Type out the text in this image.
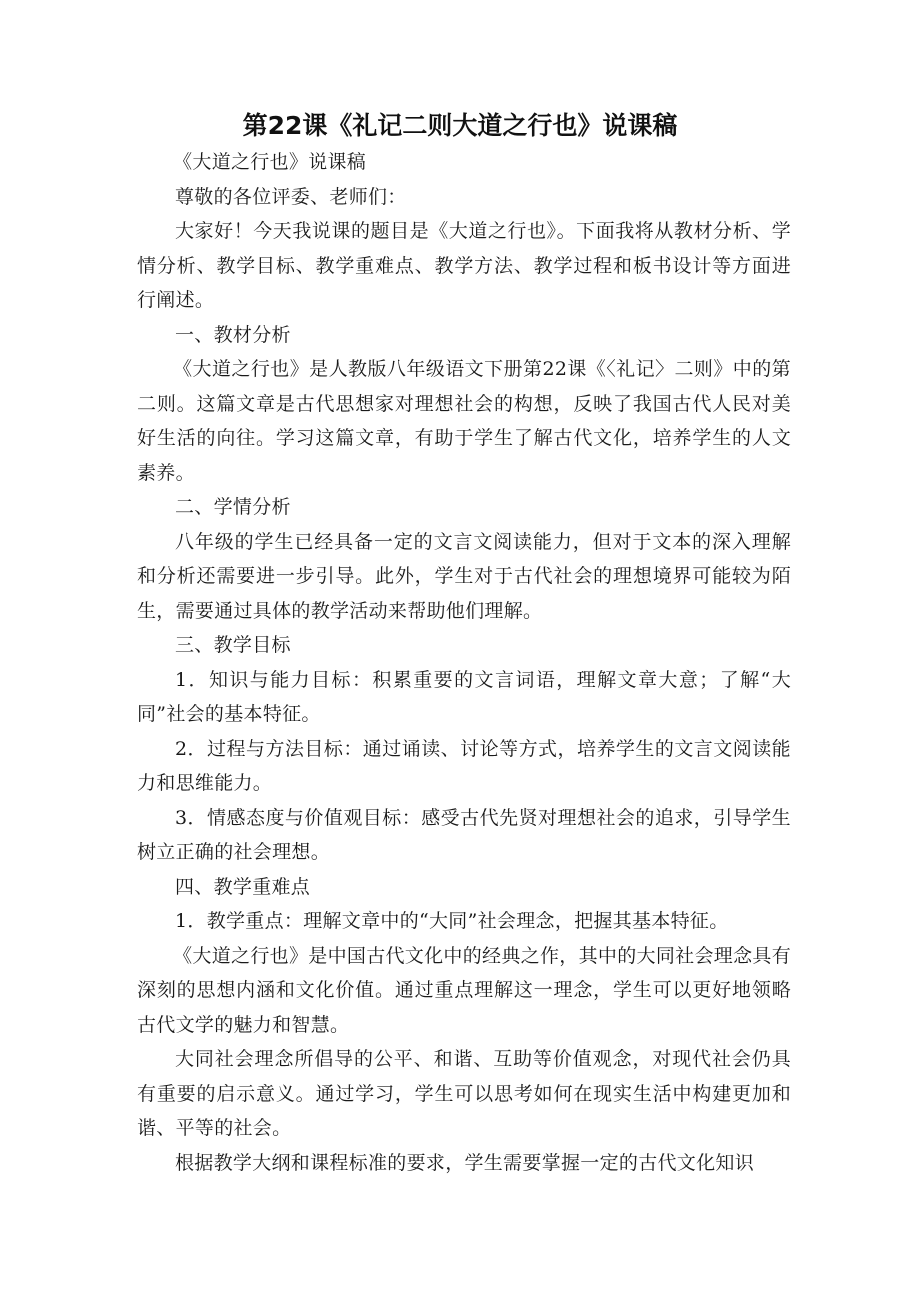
第22课《礼记二则大道之行也》说课稿

《大道之行也》说课稿

尊敬的各位评委、老师们：

大家好！今天我说课的题目是《大道之行也》。下面我将从教材分析、学情分析、教学目标、教学重难点、教学方法、教学过程和板书设计等方面进行阐述。

一、教材分析

《大道之行也》是人教版八年级语文下册第22课《〈礼记〉二则》中的第二则。这篇文章是古代思想家对理想社会的构想，反映了我国古代人民对美好生活的向往。学习这篇文章，有助于学生了解古代文化，培养学生的人文素养。

二、学情分析

八年级的学生已经具备一定的文言文阅读能力，但对于文本的深入理解和分析还需要进一步引导。此外，学生对于古代社会的理想境界可能较为陌生，需要通过具体的教学活动来帮助他们理解。

三、教学目标

1．知识与能力目标：积累重要的文言词语，理解文章大意；了解“大同”社会的基本特征。

2．过程与方法目标：通过诵读、讨论等方式，培养学生的文言文阅读能力和思维能力。

3．情感态度与价值观目标：感受古代先贤对理想社会的追求，引导学生树立正确的社会理想。

四、教学重难点

1．教学重点：理解文章中的“大同”社会理念，把握其基本特征。

《大道之行也》是中国古代文化中的经典之作，其中的大同社会理念具有深刻的思想内涵和文化价值。通过重点理解这一理念，学生可以更好地领略古代文学的魅力和智慧。

大同社会理念所倡导的公平、和谐、互助等价值观念，对现代社会仍具有重要的启示意义。通过学习，学生可以思考如何在现实生活中构建更加和谐、平等的社会。

根据教学大纲和课程标准的要求，学生需要掌握一定的古代文化知识
